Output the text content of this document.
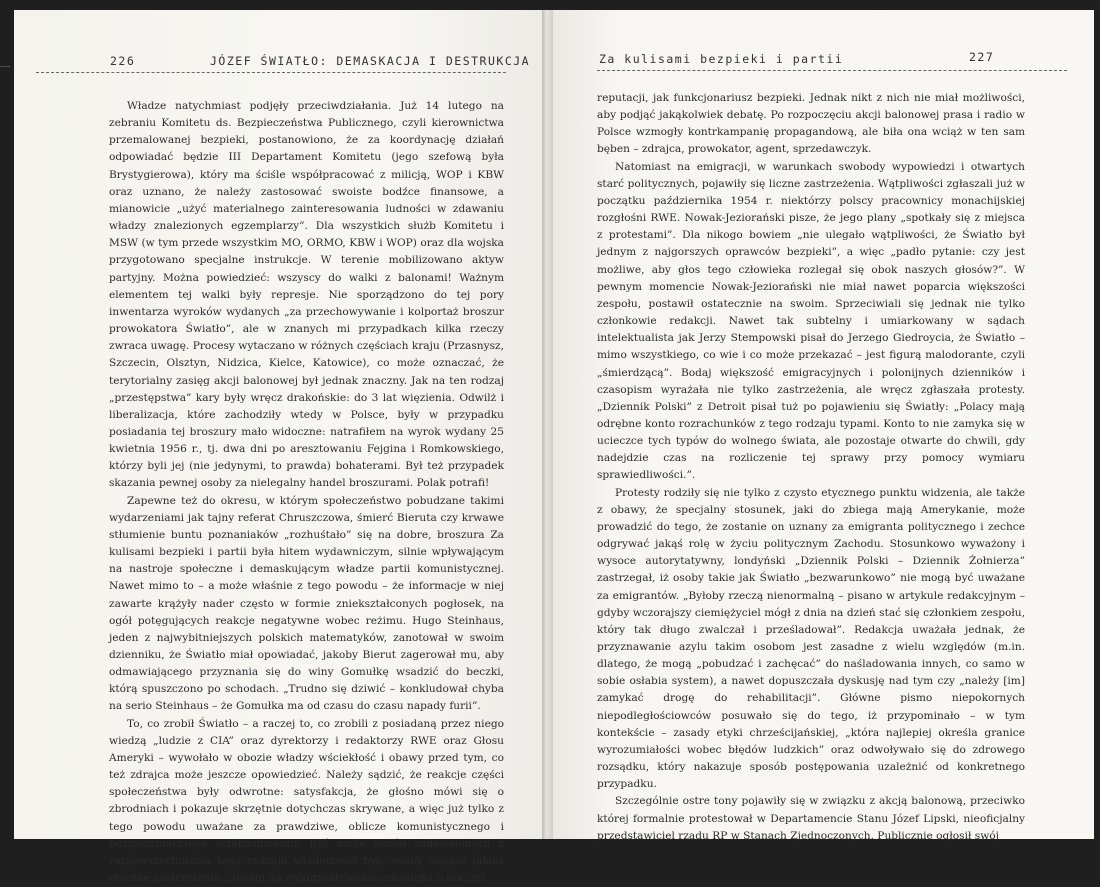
226	JÓZEF ŚWIATŁO: DEMASKACJA I DESTRUKCJA

Władze natychmiast podjęły przeciwdziałania. Już 14 lutego na zebraniu Komitetu ds. Bezpieczeństwa Publicznego, czyli kierownictwa przemalowanej bezpieki, postanowiono, że za koordynację działań odpowiadać będzie III Departament Komitetu (jego szefową była Brystygierowa), który ma ściśle współpracować z milicją, WOP i KBW oraz uznano, że należy zastosować swoiste bodźce finansowe, a mianowicie „użyć materialnego zainteresowania ludności w zdawaniu władzy znalezionych egzemplarzy”. Dla wszystkich służb Komitetu i MSW (w tym przede wszystkim MO, ORMO, KBW i WOP) oraz dla wojska przygotowano specjalne instrukcje. W terenie mobilizowano aktyw partyjny. Można powiedzieć: wszyscy do walki z balonami! Ważnym elementem tej walki były represje. Nie sporządzono do tej pory inwentarza wyroków wydanych „za przechowywanie i kolportaż broszur prowokatora Światło”, ale w znanych mi przypadkach kilka rzeczy zwraca uwagę. Procesy wytaczano w różnych częściach kraju (Przasnysz, Szczecin, Olsztyn, Nidzica, Kielce, Katowice), co może oznaczać, że terytorialny zasięg akcji balonowej był jednak znaczny. Jak na ten rodzaj „przestępstwa” kary były wręcz drakońskie: do 3 lat więzienia. Odwilż i liberalizacja, które zachodziły wtedy w Polsce, były w przypadku posiadania tej broszury mało widoczne: natrafiłem na wyrok wydany 25 kwietnia 1956 r., tj. dwa dni po aresztowaniu Fejgina i Romkowskiego, którzy byli jej (nie jedynymi, to prawda) bohaterami. Był też przypadek skazania pewnej osoby za nielegalny handel broszurami. Polak potrafi!

Zapewne też do okresu, w którym społeczeństwo pobudzane takimi wydarzeniami jak tajny referat Chruszczowa, śmierć Bieruta czy krwawe stłumienie buntu poznaniaków „rozhuśtało” się na dobre, broszura Za kulisami bezpieki i partii była hitem wydawniczym, silnie wpływającym na nastroje społeczne i demaskującym władze partii komunistycznej. Nawet mimo to – a może właśnie z tego powodu – że informacje w niej zawarte krążyły nader często w formie zniekształconych pogłosek, na ogół potęgujących reakcje negatywne wobec reżimu. Hugo Steinhaus, jeden z najwybitniejszych polskich matematyków, zanotował w swoim dzienniku, że Światło miał opowiadać, jakoby Bierut zagerował mu, aby odmawiającego przyznania się do winy Gomułkę wsadzić do beczki, którą spuszczono po schodach. „Trudno się dziwić – konkludował chyba na serio Steinhaus – że Gomułka ma od czasu do czasu napady furii”.

To, co zrobił Światło – a raczej to, co zrobili z posiadaną przez niego wiedzą „ludzie z CIA” oraz dyrektorzy i redaktorzy RWE oraz Głosu Ameryki – wywołało w obozie władzy wściekłość i obawy przed tym, co też zdrajca może jeszcze opowiedzieć. Należy sądzić, że reakcje części społeczeństwa były odwrotne: satysfakcja, że głośno mówi się o zbrodniach i pokazuje skrzętnie dotychczas skrywane, a więc już tylko z tego powodu uważane za prawdziwe, oblicze komunistycznego i bezpieczniackiego establishmentu. Być może wśród zadowolonych z rozpowszechniania tego rodzaju wiadomości były osoby mające jakieś etyczne zastrzeżenia z uwagi na wykorzystywanie człowieka o tak złej

Za kulisami bezpieki i partii	227

reputacji, jak funkcjonariusz bezpieki. Jednak nikt z nich nie miał możliwości, aby podjąć jakąkolwiek debatę. Po rozpoczęciu akcji balonowej prasa i radio w Polsce wzmogły kontrkampanię propagandową, ale biła ona wciąż w ten sam bęben – zdrajca, prowokator, agent, sprzedawczyk.

Natomiast na emigracji, w warunkach swobody wypowiedzi i otwartych starć politycznych, pojawiły się liczne zastrzeżenia. Wątpliwości zgłaszali już w początku października 1954 r. niektórzy polscy pracownicy monachijskiej rozgłośni RWE. Nowak-Jeziorański pisze, że jego plany „spotkały się z miejsca z protestami”. Dla nikogo bowiem „nie ulegało wątpliwości, że Światło był jednym z najgorszych oprawców bezpieki”, a więc „padło pytanie: czy jest możliwe, aby głos tego człowieka rozlegał się obok naszych głosów?”. W pewnym momencie Nowak-Jeziorański nie miał nawet poparcia większości zespołu, postawił ostatecznie na swoim. Sprzeciwiali się jednak nie tylko członkowie redakcji. Nawet tak subtelny i umiarkowany w sądach intelektualista jak Jerzy Stempowski pisał do Jerzego Giedroycia, że Światło – mimo wszystkiego, co wie i co może przekazać – jest figurą malodorante, czyli „śmierdzącą”. Bodaj większość emigracyjnych i polonijnych dzienników i czasopism wyrażała nie tylko zastrzeżenia, ale wręcz zgłaszała protesty. „Dziennik Polski” z Detroit pisał tuż po pojawieniu się Światły: „Polacy mają odrębne konto rozrachunków z tego rodzaju typami. Konto to nie zamyka się w ucieczce tych typów do wolnego świata, ale pozostaje otwarte do chwili, gdy nadejdzie czas na rozliczenie tej sprawy przy pomocy wymiaru sprawiedliwości.”.

Protesty rodziły się nie tylko z czysto etycznego punktu widzenia, ale także z obawy, że specjalny stosunek, jaki do zbiega mają Amerykanie, może prowadzić do tego, że zostanie on uznany za emigranta politycznego i zechce odgrywać jakąś rolę w życiu politycznym Zachodu. Stosunkowo wyważony i wysoce autorytatywny, londyński „Dziennik Polski – Dziennik Żołnierza” zastrzegał, iż osoby takie jak Światło „bezwarunkowo” nie mogą być uważane za emigrantów. „Byłoby rzeczą nienormalną – pisano w artykule redakcyjnym – gdyby wczorajszy ciemiężyciel mógł z dnia na dzień stać się członkiem zespołu, który tak długo zwalczał i prześladował”. Redakcja uważała jednak, że przyznawanie azylu takim osobom jest zasadne z wielu względów (m.in. dlatego, że mogą „pobudzać i zachęcać” do naśladowania innych, co samo w sobie osłabia system), a nawet dopuszczała dyskusję nad tym czy „należy [im] zamykać drogę do rehabilitacji”. Główne pismo niepokornych niepodległościowców posuwało się do tego, iż przypominało – w tym kontekście – zasady etyki chrześcijańskiej, „która najlepiej określa granice wyrozumiałości wobec błędów ludzkich” oraz odwoływało się do zdrowego rozsądku, który nakazuje sposób postępowania uzależnić od konkretnego przypadku.

Szczególnie ostre tony pojawiły się w związku z akcją balonową, przeciwko której formalnie protestował w Departamencie Stanu Józef Lipski, nieoficjalny przedstawiciel rządu RP w Stanach Zjednoczonych. Publicznie ogłosił swój
